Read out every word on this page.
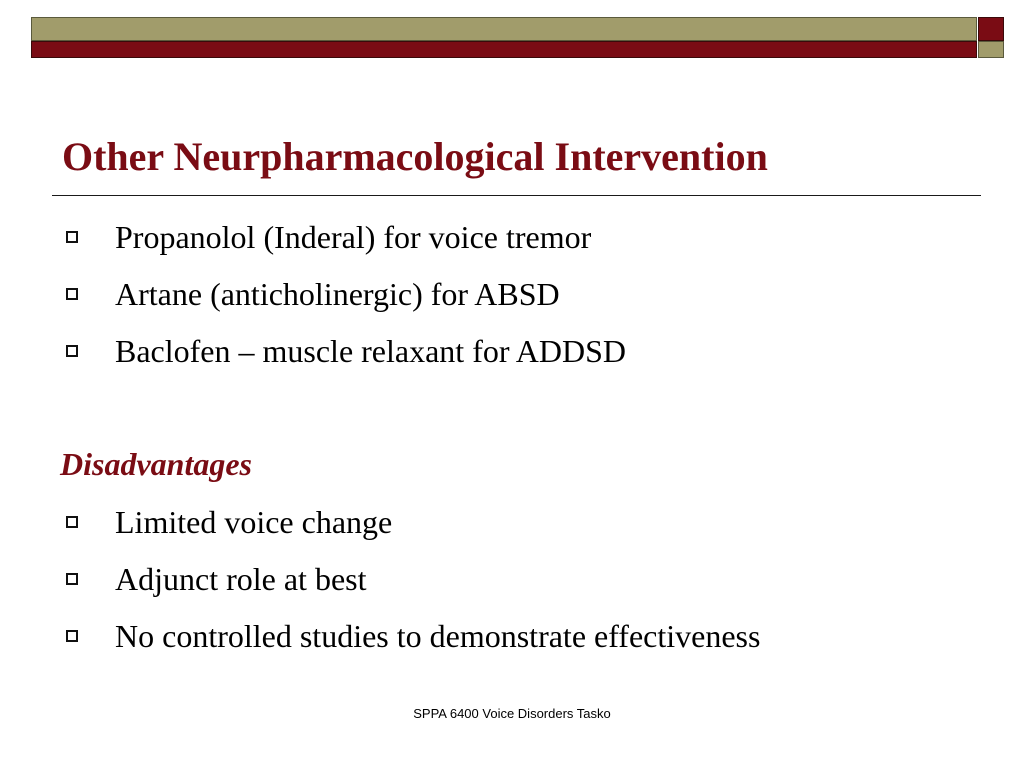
Other Neurpharmacological Intervention
Propanolol (Inderal) for voice tremor
Artane (anticholinergic) for ABSD
Baclofen – muscle relaxant for ADDSD
Disadvantages
Limited voice change
Adjunct role at best
No controlled studies to demonstrate effectiveness
SPPA 6400 Voice Disorders Tasko
